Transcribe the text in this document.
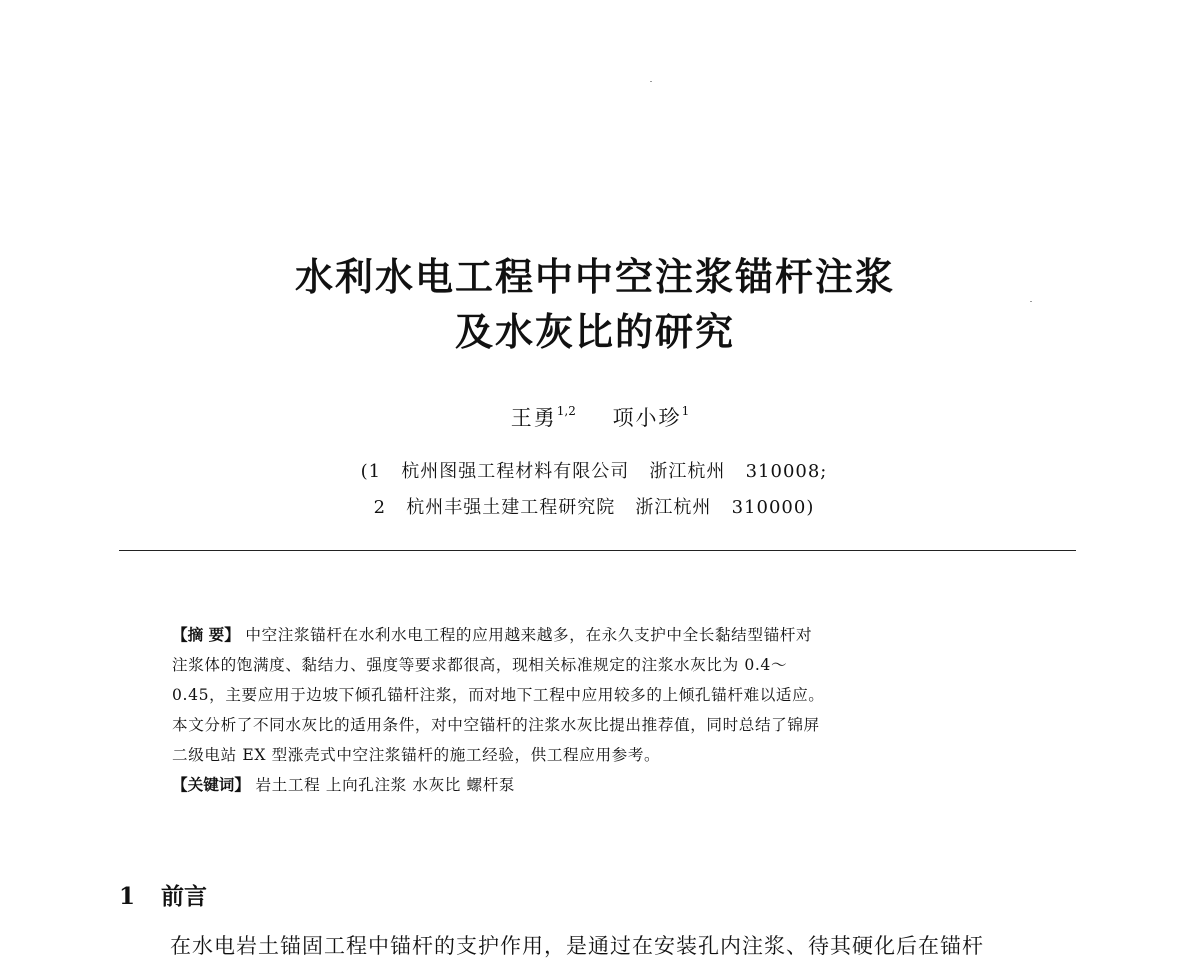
水利水电工程中中空注浆锚杆注浆
及水灰比的研究
王勇$^{1,2}$ 项小珍$^1$
(1   杭州图强工程材料有限公司   浙江杭州   310008;
2   杭州丰强土建工程研究院   浙江杭州   310000)
【摘 要】 中空注浆锚杆在水利水电工程的应用越来越多，在永久支护中全长黏结型锚杆对
注浆体的饱满度、黏结力、强度等要求都很高，现相关标准规定的注浆水灰比为 0.4～
0.45，主要应用于边坡下倾孔锚杆注浆，而对地下工程中应用较多的上倾孔锚杆难以适应。
本文分析了不同水灰比的适用条件，对中空锚杆的注浆水灰比提出推荐值，同时总结了锦屏
二级电站 EX 型涨壳式中空注浆锚杆的施工经验，供工程应用参考。
【关键词】 岩土工程 上向孔注浆 水灰比 螺杆泵
1 前言
在水电岩土锚固工程中锚杆的支护作用，是通过在安装孔内注浆、待其硬化后在锚杆
